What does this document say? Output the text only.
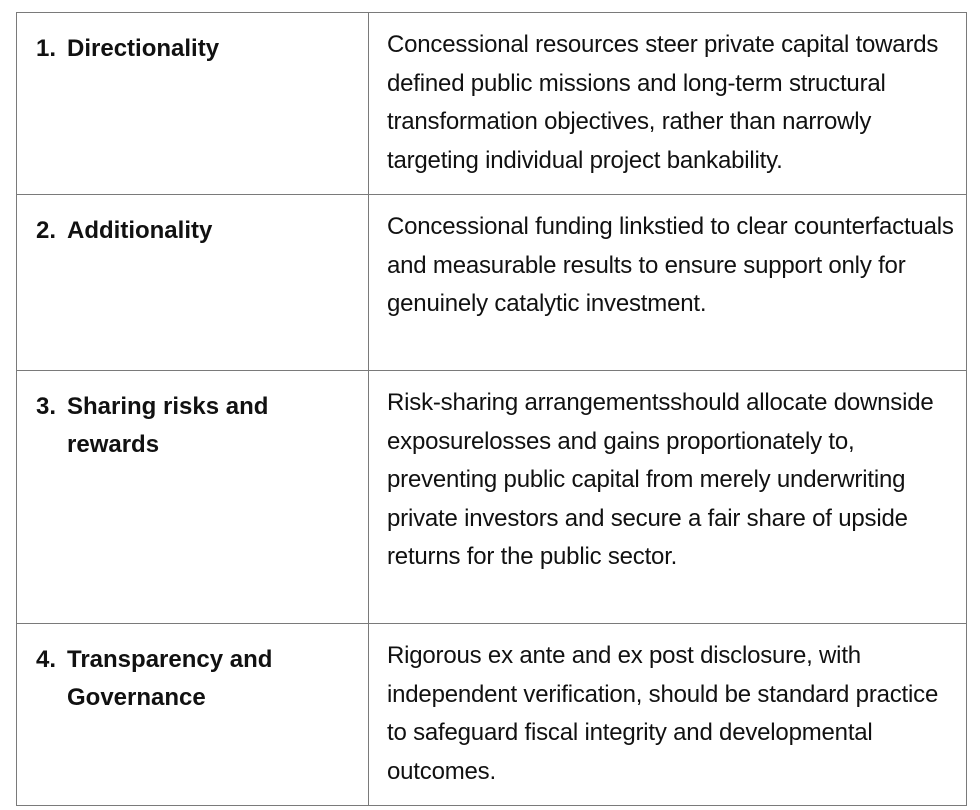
1. Directionality	Concessional resources steer private capital towards defined public missions and long-term structural transformation objectives, rather than narrowly targeting individual project bankability.

2. Additionality	Concessional funding linkstied to clear counterfactuals and measurable results to ensure support only for genuinely catalytic investment.

3. Sharing risks and rewards	Risk-sharing arrangementsshould allocate downside exposurelosses and gains proportionately to, preventing public capital from merely underwriting private investors and secure a fair share of upside returns for the public sector.

4. Transparency and Governance	Rigorous ex ante and ex post disclosure, with independent verification, should be standard practice to safeguard fiscal integrity and developmental outcomes.
